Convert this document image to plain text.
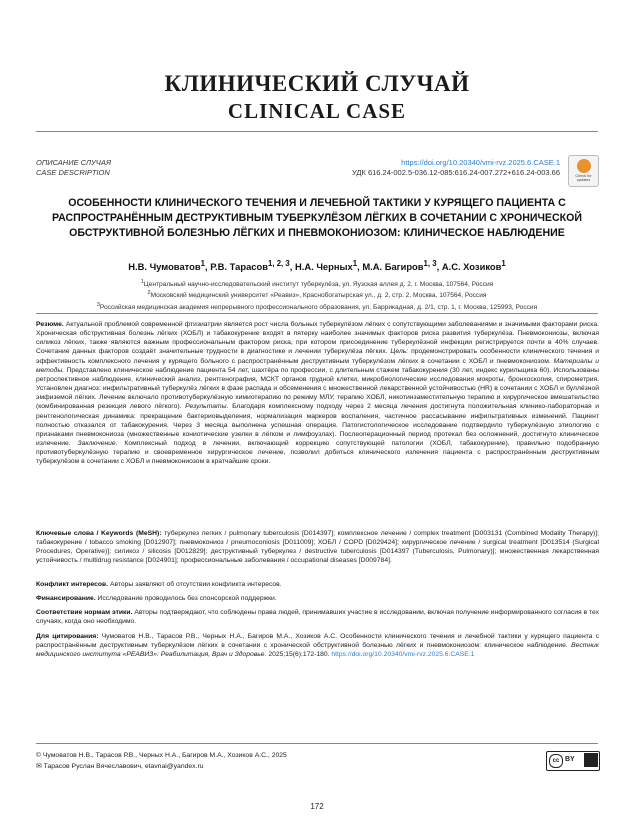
КЛИНИЧЕСКИЙ СЛУЧАЙ
CLINICAL CASE
ОПИСАНИЕ СЛУЧАЯ
CASE DESCRIPTION
https://doi.org/10.20340/vmi-rvz.2025.6.CASE.1
УДК 616.24-002.5-036.12-085:616.24-007.272+616.24-003.66	Check for
updates
ОСОБЕННОСТИ КЛИНИЧЕСКОГО ТЕЧЕНИЯ И ЛЕЧЕБНОЙ ТАКТИКИ У КУРЯЩЕГО ПАЦИЕНТА С РАСПРОСТРАНЁННЫМ ДЕСТРУКТИВНЫМ ТУБЕРКУЛЁЗОМ ЛЁГКИХ В СОЧЕТАНИИ С ХРОНИЧЕСКОЙ ОБСТРУКТИВНОЙ БОЛЕЗНЬЮ ЛЁГКИХ И ПНЕВМОКОНИОЗОМ: КЛИНИЧЕСКОЕ НАБЛЮДЕНИЕ
Н.В. Чумоватов$^1$, Р.В. Тарасов$^{1, 2, 3}$, Н.А. Черных$^1$, М.А. Багиров$^{1, 3}$, А.С. Хозиков$^1$
$^1$Центральный научно-исследовательский институт туберкулёза, ул. Яузская аллея д. 2, г. Москва, 107564, Россия
$^2$Московский медицинский университет «Реавиз», Краснобогатырская ул., д. 2, стр. 2, Москва, 107564, Россия
$^3$Российская медицинская академия непрерывного профессионального образования, ул. Баррикадная, д. 2/1, стр. 1, г. Москва, 125993, Россия
Резюме. Актуальной проблемой современной фтизиатрии является рост числа больных туберкулёзом лёгких с сопутствующими заболеваниями и значимыми факторами риска. Хроническая обструктивная болезнь лёгких (ХОБЛ) и табакокурение входят в пятерку наиболее значимых факторов риска развития туберкулёза. Пневмокониозы, включая силикоз лёгких, также являются важным профессиональным фактором риска, при котором присоединение туберкулёзной инфекции регистрируется почти в 40% случаев. Сочетание данных факторов создаёт значительные трудности в диагностике и лечении туберкулёза лёгких. Цель: продемонстрировать особенности клинического течения и эффективность комплексного лечения у курящего больного с распространённым деструктивным туберкулёзом лёгких в сочетании с ХОБЛ и пневмокониозом. Материалы и методы. Представлено клиническое наблюдение пациента 54 лет, шахтёра по профессии, с длительным стажем табакокурения (30 лет, индекс курильщика 60). Использованы ретроспективное наблюдение, клинический анализ, рентгенография, МСКТ органов грудной клетки, микробиологические исследования мокроты, бронхоскопия, спирометрия. Установлен диагноз: инфильтративный туберкулёз лёгких в фазе распада и обсеменения с множественной лекарственной устойчивостью (HR) в сочетании с ХОБЛ и буллёзной эмфиземой лёгких. Лечение включало противотуберкулёзную химиотерапию по режиму МЛУ, терапию ХОБЛ, никотинзаместительную терапию и хирургическое вмешательство (комбинированная резекция левого лёгкого). Результаты. Благодаря комплексному подходу через 2 месяца лечения достигнута положительная клинико-лабораторная и рентгенологическая динамика: прекращение бактериовыделения, нормализация маркеров воспаления, частичное рассасывание инфильтративных изменений. Пациент полностью отказался от табакокурения. Через 3 месяца выполнена успешная операция. Патогистологическое исследование подтвердило туберкулёзную этиологию с признаками пневмокониоза (множественные кониотические узелки в лёгком и лимфоузлах). Послеоперационный период протекал без осложнений, достигнуто клиническое излечение. Заключение. Комплексный подход в лечении, включающий коррекцию сопутствующей патологии (ХОБЛ, табакокурение), правильно подобранную противотуберкулёзную терапию и своевременное хирургическое лечение, позволил добиться клинического излечения пациента с распространённым деструктивным туберкулёзом в сочетании с ХОБЛ и пневмокониозом в кратчайшие сроки.
Ключевые слова / Keywords (MeSH): туберкулез легких / pulmonary tuberculosis [D014397]; комплексное лечение / complex treatment [D003131 (Combined Modality Therapy)]; табакокурение / tobacco smoking [D012907]; пневмокониоз / pneumoconiosis [D011009]; ХОБЛ / COPD [D029424]; хирургическое лечение / surgical treatment [D013514 (Surgical Procedures, Operative)]; силикоз / silicosis [D012829]; деструктивный туберкулез / destructive tuberculosis [D014397 (Tuberculosis, Pulmonary)]; множественная лекарственная устойчивость / multidrug resistance [D024901]; профессиональные заболевания / occupational diseases [D009784].
Конфликт интересов. Авторы заявляют об отсутствии конфликта интересов.
Финансирование. Исследование проводилось без спонсорской поддержки.
Соответствие нормам этики. Авторы подтверждают, что соблюдены права людей, принимавших участие в исследовании, включая получение информированного согласия в тех случаях, когда оно необходимо.
Для цитирования: Чумоватов Н.В., Тарасов Р.В., Черных Н.А., Багиров М.А., Хозиков А.С. Особенности клинического течения и лечебной тактики у курящего пациента с распространённым деструктивным туберкулёзом лёгких в сочетании с хронической обструктивной болезнью лёгких и пневмокониозом: клиническое наблюдение. Вестник медицинского института «РЕАВИЗ»: Реабилитация, Врач и Здоровье. 2025;15(6):172-180. https://doi.org/10.20340/vmi-rvz.2025.6.CASE.1
© Чумоватов Н.В., Тарасов Р.В., Черных Н.А., Багиров М.А., Хозиков А.С., 2025
✉ Тарасов Руслан Вячеславович, etavnai@yandex.ru
cc BY
172
